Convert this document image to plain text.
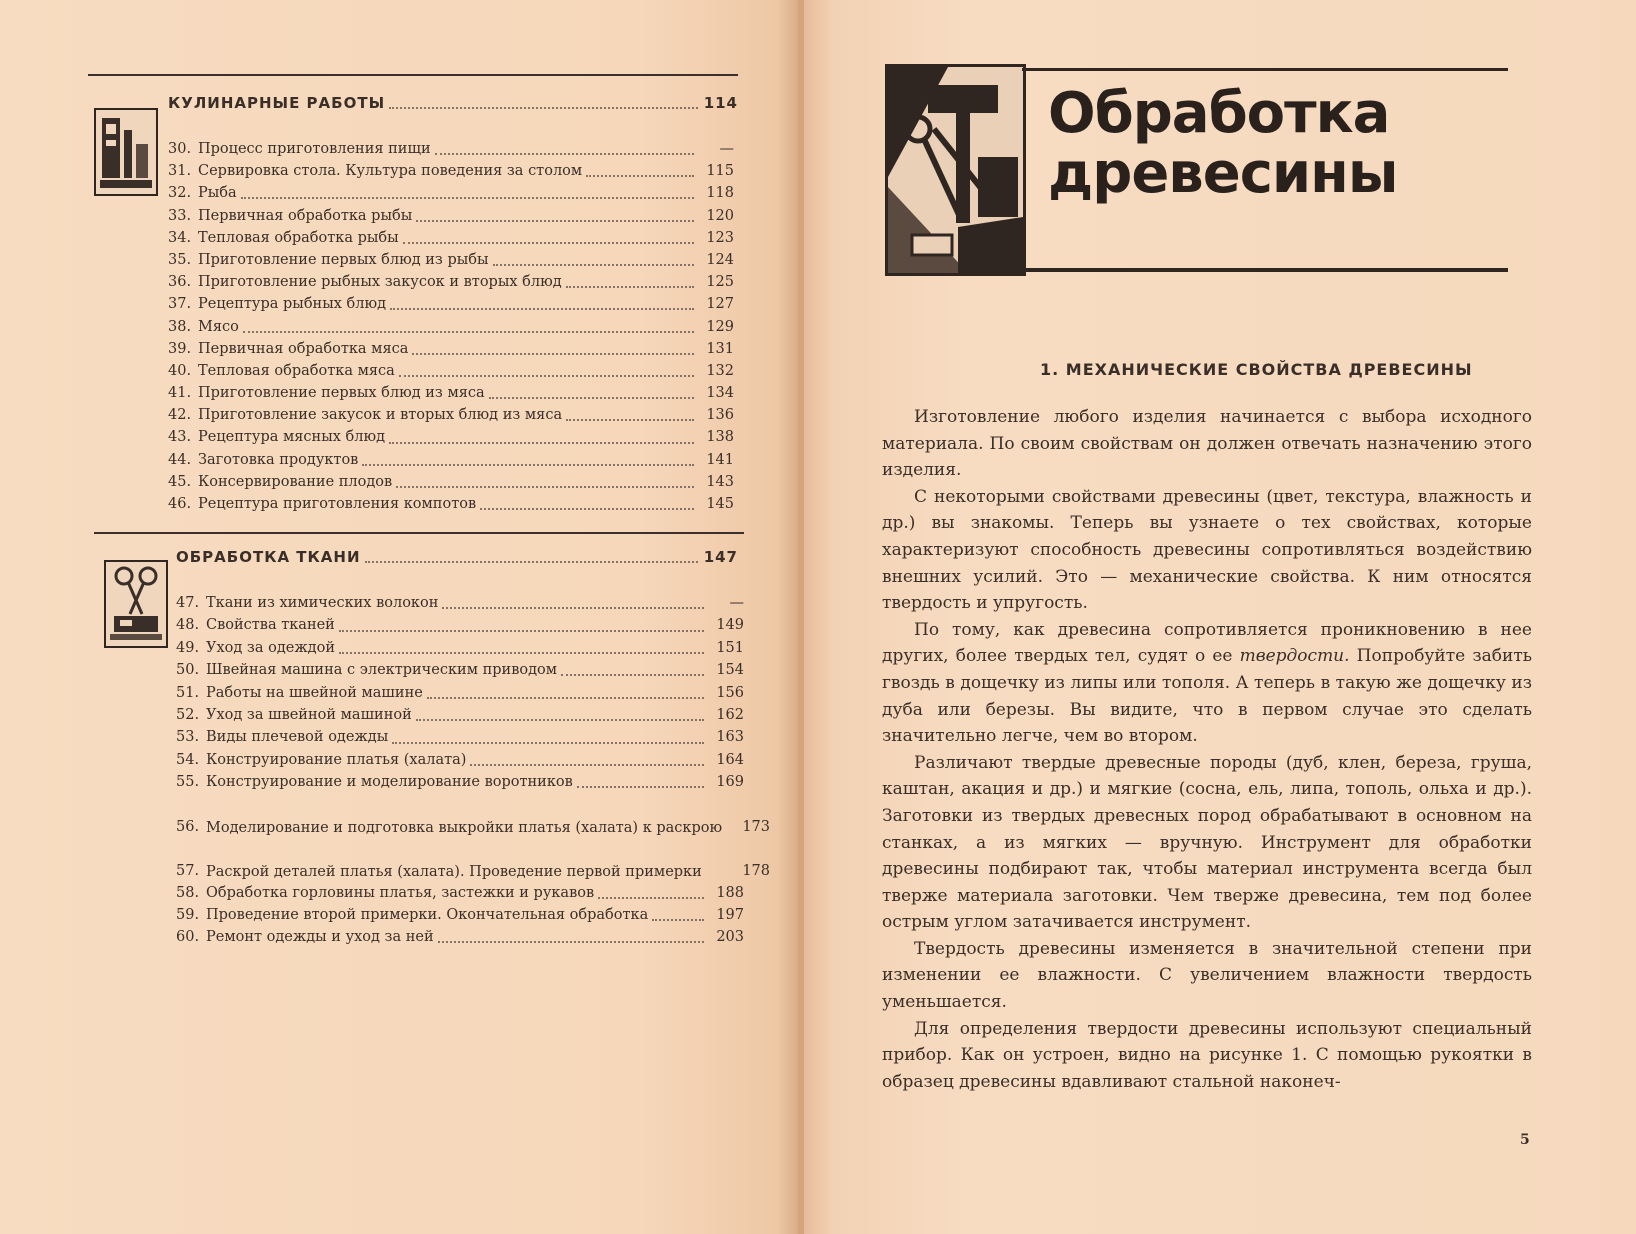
КУЛИНАРНЫЕ РАБОТЫ	114
30. Процесс приготовления пищи	—
31. Сервировка стола. Культура поведения за столом	115
32. Рыба	118
33. Первичная обработка рыбы	120
34. Тепловая обработка рыбы	123
35. Приготовление первых блюд из рыбы	124
36. Приготовление рыбных закусок и вторых блюд	125
37. Рецептура рыбных блюд	127
38. Мясо	129
39. Первичная обработка мяса	131
40. Тепловая обработка мяса	132
41. Приготовление первых блюд из мяса	134
42. Приготовление закусок и вторых блюд из мяса	136
43. Рецептура мясных блюд	138
44. Заготовка продуктов	141
45. Консервирование плодов	143
46. Рецептура приготовления компотов	145
ОБРАБОТКА ТКАНИ	147
47. Ткани из химических волокон	—
48. Свойства тканей	149
49. Уход за одеждой	151
50. Швейная машина с электрическим приводом	154
51. Работы на швейной машине	156
52. Уход за швейной машиной	162
53. Виды плечевой одежды	163
54. Конструирование платья (халата)	164
55. Конструирование и моделирование воротников	169
56. Моделирование и подготовка выкройки платья (халата) к раскрою	173
57. Раскрой деталей платья (халата). Проведение первой примерки	178
58. Обработка горловины платья, застежки и рукавов	188
59. Проведение второй примерки. Окончательная обработка	197
60. Ремонт одежды и уход за ней	203
Обработка древесины
1. МЕХАНИЧЕСКИЕ СВОЙСТВА ДРЕВЕСИНЫ

Изготовление любого изделия начинается с выбора исходного материала. По своим свойствам он должен отвечать назначению этого изделия.

С некоторыми свойствами древесины (цвет, текстура, влажность и др.) вы знакомы. Теперь вы узнаете о тех свойствах, которые характеризуют способность древесины сопротивляться воздействию внешних усилий. Это — механические свойства. К ним относятся твердость и упругость.

По тому, как древесина сопротивляется проникновению в нее других, более твердых тел, судят о ее твердости. Попробуйте забить гвоздь в дощечку из липы или тополя. А теперь в такую же дощечку из дуба или березы. Вы видите, что в первом случае это сделать значительно легче, чем во втором.

Различают твердые древесные породы (дуб, клен, береза, груша, каштан, акация и др.) и мягкие (сосна, ель, липа, тополь, ольха и др.). Заготовки из твердых древесных пород обрабатывают в основном на станках, а из мягких — вручную. Инструмент для обработки древесины подбирают так, чтобы материал инструмента всегда был тверже материала заготовки. Чем тверже древесина, тем под более острым углом затачивается инструмент.

Твердость древесины изменяется в значительной степени при изменении ее влажности. С увеличением влажности твердость уменьшается.

Для определения твердости древесины используют специальный прибор. Как он устроен, видно на рисунке 1. С помощью рукоятки в образец древесины вдавливают стальной наконеч-

5
